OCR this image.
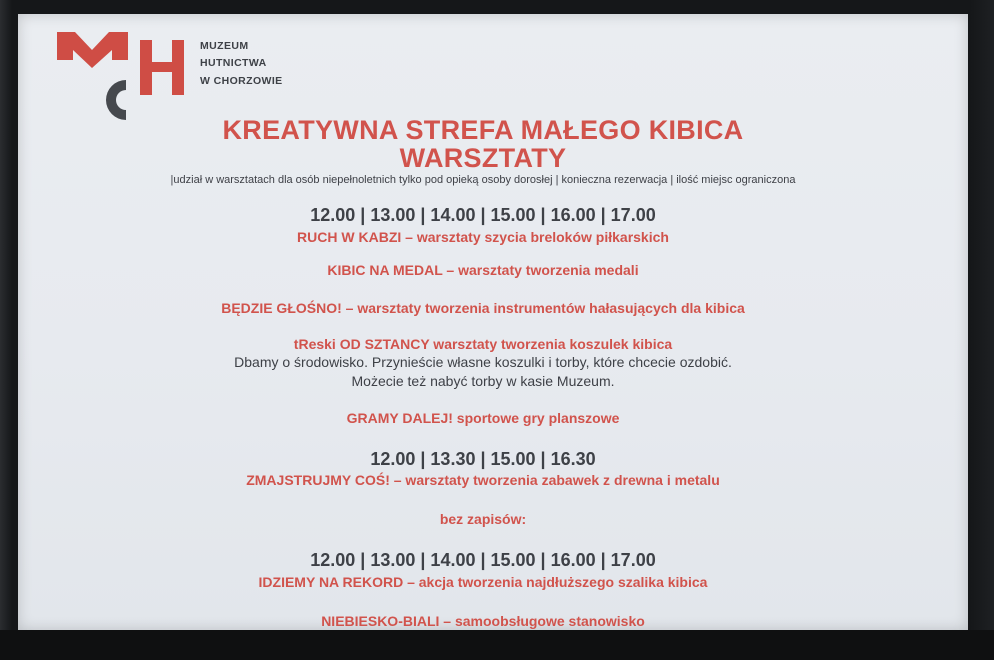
MUZEUM
HUTNICTWA
W CHORZOWIE
KREATYWNA STREFA MAŁEGO KIBICA
WARSZTATY
|udział w warsztatach dla osób niepełnoletnich tylko pod opieką osoby dorosłej | konieczna rezerwacja | ilość miejsc ograniczona
12.00 | 13.00 | 14.00 | 15.00 | 16.00 | 17.00
RUCH W KABZI – warsztaty szycia breloków piłkarskich
KIBIC NA MEDAL – warsztaty tworzenia medali
BĘDZIE GŁOŚNO! – warsztaty tworzenia instrumentów hałasujących dla kibica
tReski OD SZTANCY warsztaty tworzenia koszulek kibica
Dbamy o środowisko. Przynieście własne koszulki i torby, które chcecie ozdobić.
Możecie też nabyć torby w kasie Muzeum.
GRAMY DALEJ! sportowe gry planszowe
12.00 | 13.30 | 15.00 | 16.30
ZMAJSTRUJMY COŚ! – warsztaty tworzenia zabawek z drewna i metalu
bez zapisów:
12.00 | 13.00 | 14.00 | 15.00 | 16.00 | 17.00
IDZIEMY NA REKORD – akcja tworzenia najdłuższego szalika kibica
NIEBIESKO-BIALI – samoobsługowe stanowisko
